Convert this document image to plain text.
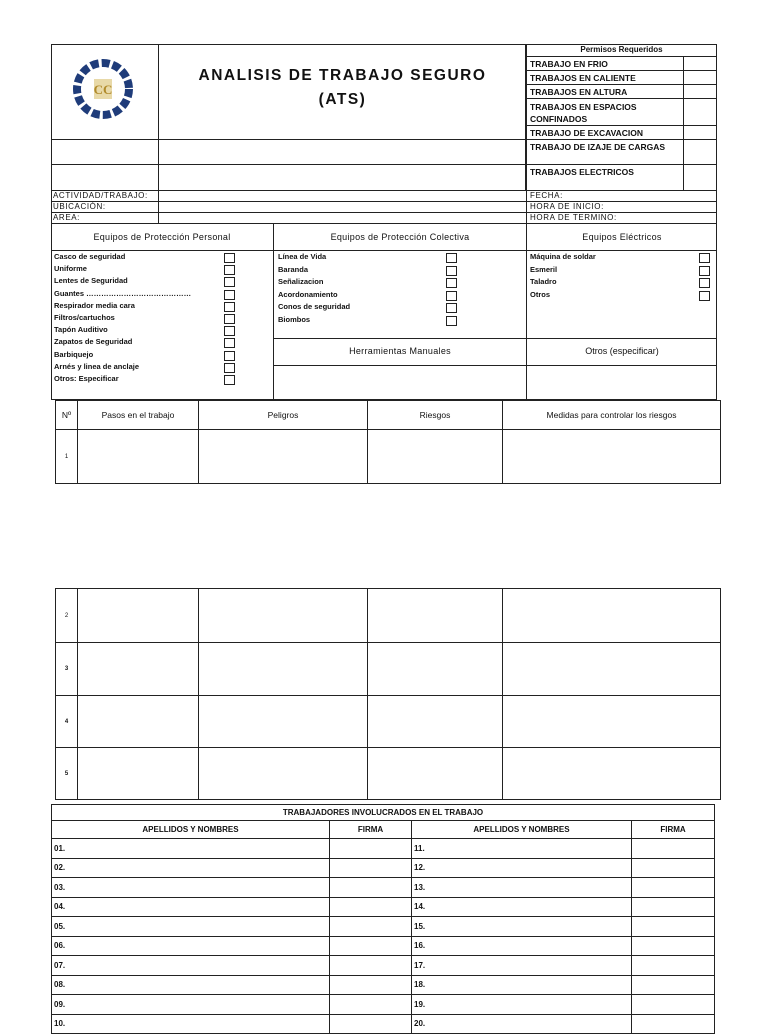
CC
ANALISIS DE TRABAJO SEGURO
(ATS)
Permisos Requeridos
TRABAJO EN FRIO
TRABAJOS EN CALIENTE
TRABAJOS EN ALTURA
TRABAJOS EN ESPACIOS CONFINADOS
TRABAJO DE EXCAVACION
TRABAJO DE IZAJE DE CARGAS
TRABAJOS ELECTRICOS
ACTIVIDAD/TRABAJO:
UBICACIÓN:
AREA:
FECHA:
HORA DE INICIO:
HORA DE TERMINO:
Equipos de Protección Personal	Equipos de Protección Colectiva	Equipos Eléctricos
Casco de seguridad
Uniforme
Lentes de Seguridad
Guantes ……………………………………
Respirador media cara
Filtros/cartuchos
Tapón Auditivo
Zapatos de Seguridad
Barbiquejo
Arnés y linea de anclaje
Otros: Especificar
Línea de Vida
Baranda
Señalizacion
Acordonamiento
Conos de seguridad
Biombos
Máquina de soldar
Esmeril
Taladro
Otros
Herramientas Manuales	Otros (especificar)
Nº	Pasos en el trabajo	Peligros	Riesgos	Medidas para controlar los riesgos
1				
2				
3				
4				
5				
TRABAJADORES INVOLUCRADOS EN EL TRABAJO			
APELLIDOS Y NOMBRES	FIRMA	APELLIDOS Y NOMBRES	FIRMA
01.		11.	
02.		12.	
03.		13.	
04.		14.	
05.		15.	
06.		16.	
07.		17.	
08.		18.	
09.		19.	
10.		20.	
